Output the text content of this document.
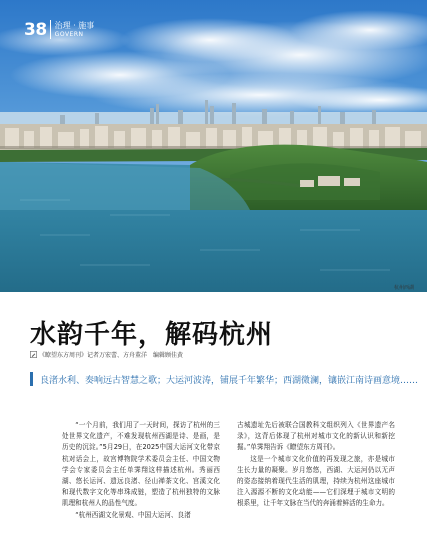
38 治理 · 施事
GOVERN
杭州西湖
水韵千年，解码杭州
《瞭望东方周刊》记者万宏蕾、方舟董洋　编辑顾佳黄
良渚水利、奏响远古智慧之歌；大运河波涛，铺展千年繁华；西湖微澜，镶嵌江南诗画意境……

“一个月前，我们用了一天时间，探访了杭州的三处世界文化遗产，不难发现杭州西湖是诗、是画，是历史的沉淀。”5月29日，在2025中国大运河文化带京杭对话会上，故宫博物院学术委员会主任、中国文物学会专家委员会主任单霁翔这样描述杭州。秀丽西湖、悠长运河、遗远良渚、径山禅茶文化、宫溪文化和现代数字文化等串珠成链，塑造了杭州独特的文脉肌理和杭州人的品性气度。

“杭州西湖文化景观、中国大运河、良渚

古城遗址先后被联合国教科文组织列入《世界遗产名录》，这背后体现了杭州对城市文化的新认识和新挖掘。”单霁翔告诉《瞭望东方周刊》。

这是一个城市文化价值的再发现之旅，亦是城市生长力量的凝聚。岁月悠悠，西湖、大运河仍以无声的姿态接纳着现代生活的肌理，持续为杭州这座城市注入源源不断的文化动能——它们深埋于城市文明的根系里，让千年文脉在当代的奔涌着鲜活的生命力。
